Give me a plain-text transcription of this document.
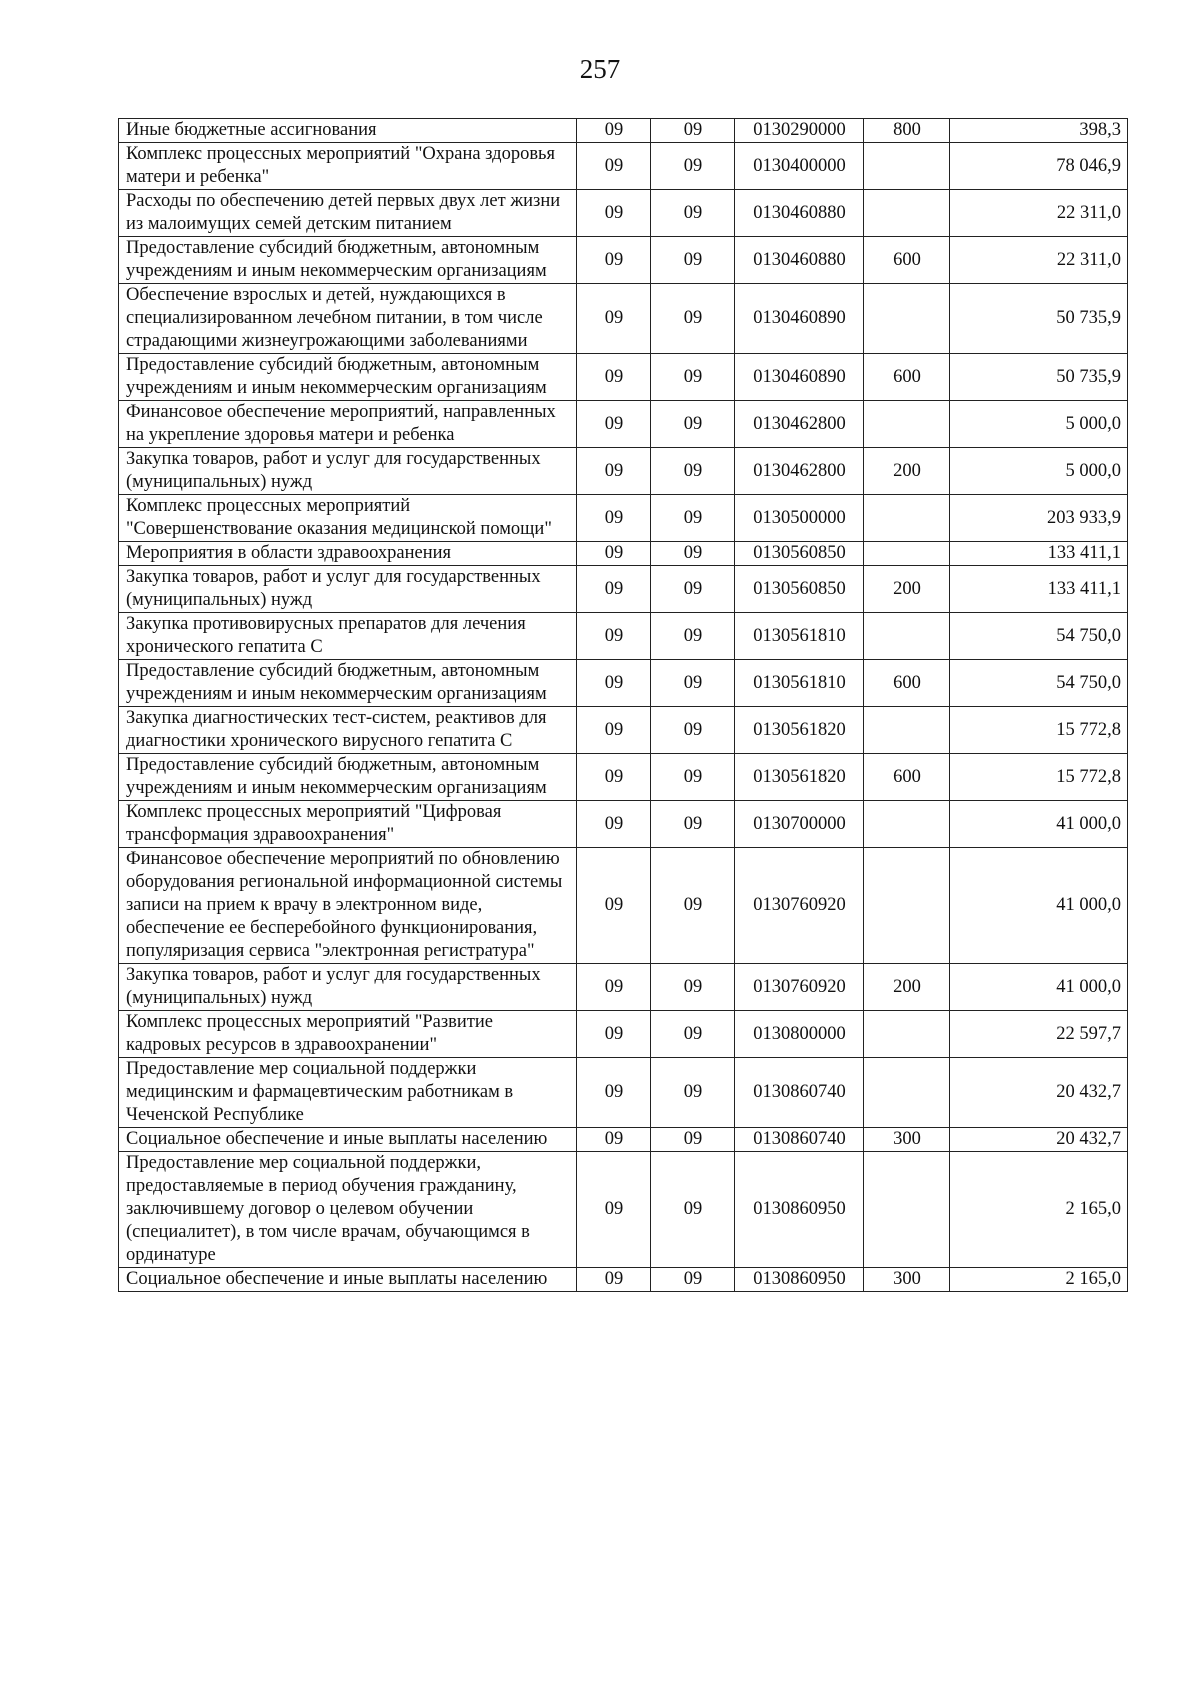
257
Иные бюджетные ассигнования	09	09	0130290000	800	398,3
Комплекс процессных мероприятий "Охрана здоровья матери и ребенка"	09	09	0130400000		78 046,9
Расходы по обеспечению детей первых двух лет жизни из малоимущих семей детским питанием	09	09	0130460880		22 311,0
Предоставление субсидий бюджетным, автономным учреждениям и иным некоммерческим организациям	09	09	0130460880	600	22 311,0
Обеспечение взрослых и детей, нуждающихся в специализированном лечебном питании, в том числе страдающими жизнеугрожающими заболеваниями	09	09	0130460890		50 735,9
Предоставление субсидий бюджетным, автономным учреждениям и иным некоммерческим организациям	09	09	0130460890	600	50 735,9
Финансовое обеспечение мероприятий, направленных на укрепление здоровья матери и ребенка	09	09	0130462800		5 000,0
Закупка товаров, работ и услуг для государственных (муниципальных) нужд	09	09	0130462800	200	5 000,0
Комплекс процессных мероприятий "Совершенствование оказания медицинской помощи"	09	09	0130500000		203 933,9
Мероприятия в области здравоохранения	09	09	0130560850		133 411,1
Закупка товаров, работ и услуг для государственных (муниципальных) нужд	09	09	0130560850	200	133 411,1
Закупка противовирусных препаратов для лечения хронического гепатита С	09	09	0130561810		54 750,0
Предоставление субсидий бюджетным, автономным учреждениям и иным некоммерческим организациям	09	09	0130561810	600	54 750,0
Закупка диагностических тест-систем, реактивов для диагностики хронического вирусного гепатита С	09	09	0130561820		15 772,8
Предоставление субсидий бюджетным, автономным учреждениям и иным некоммерческим организациям	09	09	0130561820	600	15 772,8
Комплекс процессных мероприятий "Цифровая трансформация здравоохранения"	09	09	0130700000		41 000,0
Финансовое обеспечение мероприятий по обновлению оборудования региональной информационной системы записи на прием к врачу в электронном виде, обеспечение ее бесперебойного функционирования, популяризация сервиса "электронная регистратура"	09	09	0130760920		41 000,0
Закупка товаров, работ и услуг для государственных (муниципальных) нужд	09	09	0130760920	200	41 000,0
Комплекс процессных мероприятий "Развитие кадровых ресурсов в здравоохранении"	09	09	0130800000		22 597,7
Предоставление мер социальной поддержки медицинским и фармацевтическим работникам в Чеченской Республике	09	09	0130860740		20 432,7
Социальное обеспечение и иные выплаты населению	09	09	0130860740	300	20 432,7
Предоставление мер социальной поддержки, предоставляемые в период обучения гражданину, заключившему договор о целевом обучении (специалитет), в том числе врачам, обучающимся в ординатуре	09	09	0130860950		2 165,0
Социальное обеспечение и иные выплаты населению	09	09	0130860950	300	2 165,0
